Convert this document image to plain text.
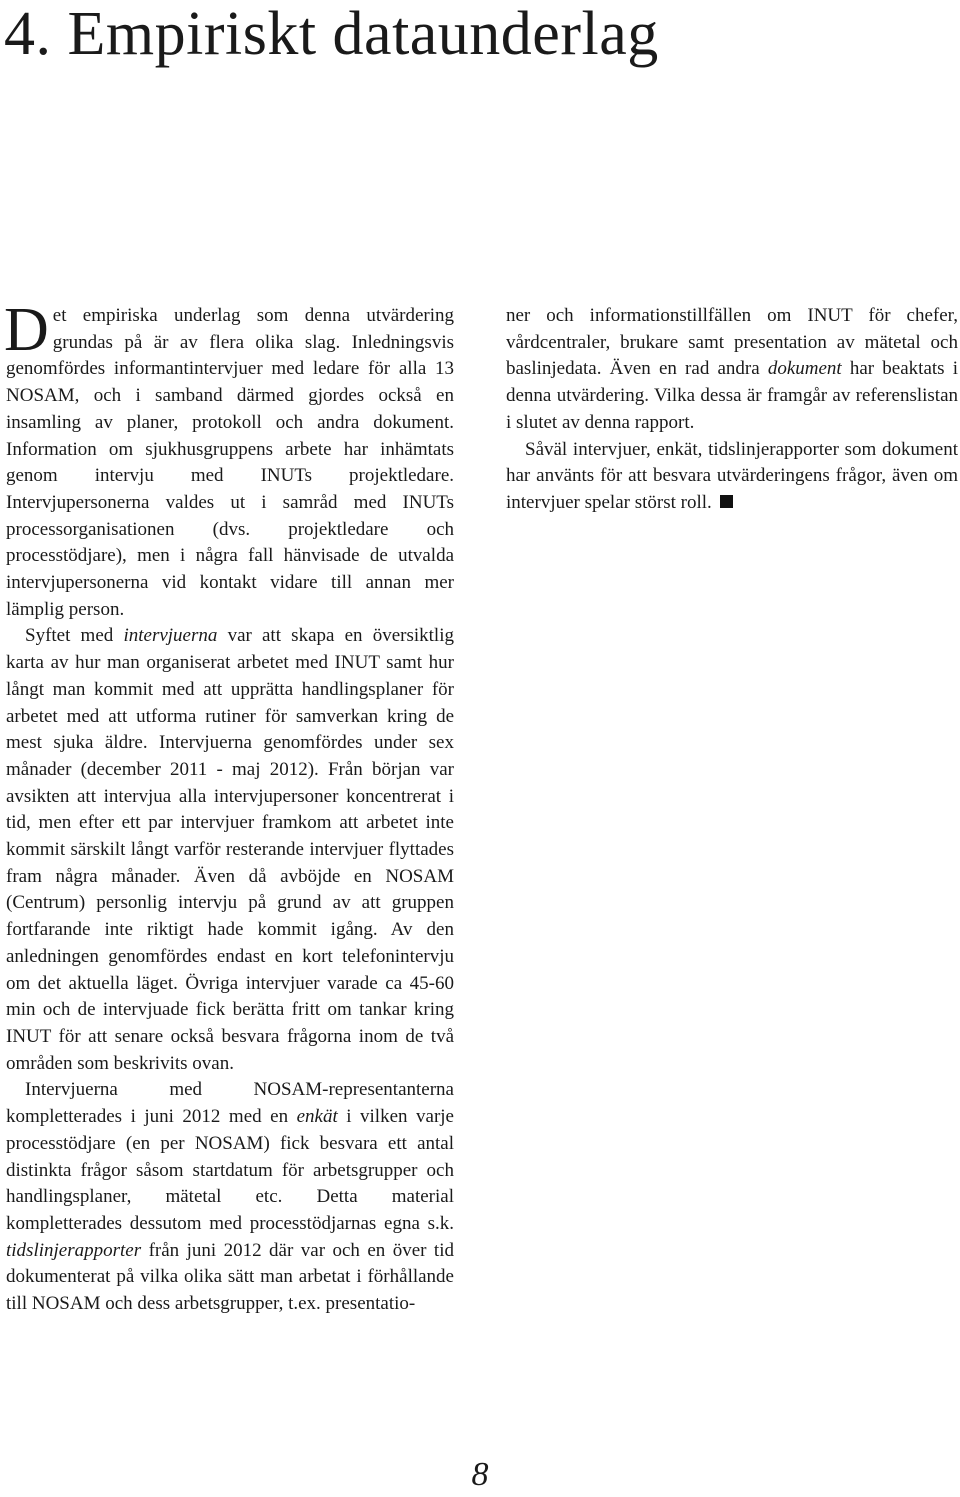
4. Empiriskt dataunderlag

Det empiriska underlag som denna utvärdering grundas på är av flera olika slag. Inledningsvis genomfördes informantintervjuer med ledare för alla 13 NOSAM, och i samband därmed gjordes också en insamling av planer, protokoll och andra dokument. Information om sjukhusgruppens arbete har inhämtats genom intervju med INUTs projektledare. Intervjupersonerna valdes ut i samråd med INUTs processorganisationen (dvs. projektledare och processtödjare), men i några fall hänvisade de utvalda intervjupersonerna vid kontakt vidare till annan mer lämplig person.

Syftet med intervjuerna var att skapa en översiktlig karta av hur man organiserat arbetet med INUT samt hur långt man kommit med att upprätta handlingsplaner för arbetet med att utforma rutiner för samverkan kring de mest sjuka äldre. Intervjuerna genomfördes under sex månader (december 2011 - maj 2012). Från början var avsikten att intervjua alla intervjupersoner koncentrerat i tid, men efter ett par intervjuer framkom att arbetet inte kommit särskilt långt varför resterande intervjuer flyttades fram några månader. Även då avböjde en NOSAM (Centrum) personlig intervju på grund av att gruppen fortfarande inte riktigt hade kommit igång. Av den anledningen genomfördes endast en kort telefonintervju om det aktuella läget. Övriga intervjuer varade ca 45-60 min och de intervjuade fick berätta fritt om tankar kring INUT för att senare också besvara frågorna inom de två områden som beskrivits ovan.

Intervjuerna med NOSAM-representanterna kompletterades i juni 2012 med en enkät i vilken varje processtödjare (en per NOSAM) fick besvara ett antal distinkta frågor såsom startdatum för arbetsgrupper och handlingsplaner, mätetal etc. Detta material kompletterades dessutom med processtödjarnas egna s.k. tidslinjerapporter från juni 2012 där var och en över tid dokumenterat på vilka olika sätt man arbetat i förhållande till NOSAM och dess arbetsgrupper, t.ex. presentatio-

ner och informationstillfällen om INUT för chefer, vårdcentraler, brukare samt presentation av mätetal och baslinjedata. Även en rad andra dokument har beaktats i denna utvärdering. Vilka dessa är framgår av referenslistan i slutet av denna rapport.

Såväl intervjuer, enkät, tidslinjerapporter som dokument har använts för att besvara utvärderingens frågor, även om intervjuer spelar störst roll.

8
